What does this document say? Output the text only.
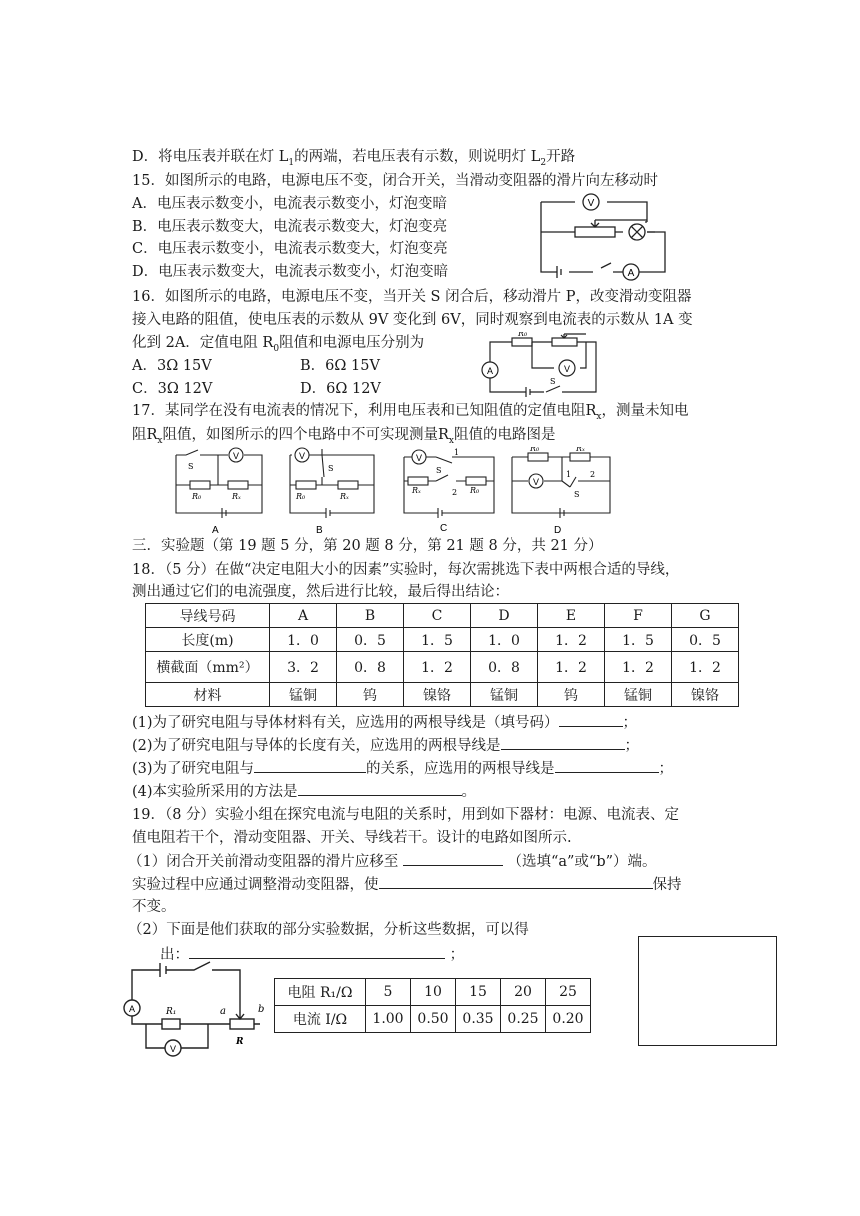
D．将电压表并联在灯 $L_1$的两端，若电压表有示数，则说明灯 $L_2$开路
15．如图所示的电路，电源电压不变，闭合开关，当滑动变阻器的滑片向左移动时
A．电压表示数变小，电流表示数变小，灯泡变暗
B．电压表示数变大，电流表示数变大，灯泡变亮
C．电压表示数变小，电流表示数变大，灯泡变亮
D．电压表示数变大，电流表示数变小，灯泡变暗
V
A
16．如图所示的电路，电源电压不变，当开关 S 闭合后，移动滑片 P，改变滑动变阻器
接入电路的阻值，使电压表的示数从 9V 变化到 6V，同时观察到电流表的示数从 1A 变
化到 2A．定值电阻 $R_0$阻值和电源电压分别为
A．3Ω 15V	B．6Ω 15V
C．3Ω 12V	D．6Ω 12V
A	V
R₀
S
17．某同学在没有电流表的情况下，利用电压表和已知阻值的定值电阻$R_x$，测量未知电
阻$R_x$阻值，如图所示的四个电路中不可实现测量$R_x$阻值的电路图是
V
S
R₀	Rₓ
A
V
S
R₀	Rₓ
B
V
S
1
2
Rₓ	R₀
C
V
R₀	Rₓ
1 2
S
D
三．实验题（第 19 题 5 分，第 20 题 8 分，第 21 题 8 分，共 21 分）
18．（5 分）在做“决定电阻大小的因素”实验时，每次需挑选下表中两根合适的导线，
测出通过它们的电流强度，然后进行比较，最后得出结论：
导线号码	A	B	C	D	E	F	G
长度(m)	1．0	0．5	1．5	1．0	1．2	1．5	0．5
横截面（mm²）	3．2	0．8	1．2	0．8	1．2	1．2	1．2
材料	锰铜	钨	镍铬	锰铜	钨	锰铜	镍铬
(1)为了研究电阻与导体材料有关，应选用的两根导线是（填号码）	；
(2)为了研究电阻与导体的长度有关，应选用的两根导线是	；
(3)为了研究电阻与	的关系，应选用的两根导线是	；
(4)本实验所采用的方法是	。
19．（8 分）实验小组在探究电流与电阻的关系时，用到如下器材：电源、电流表、定
值电阻若干个，滑动变阻器、开关、导线若干。设计的电路如图所示.
（1）闭合开关前滑动变阻器的滑片应移至	（选填“a”或“b”）端。
实验过程中应通过调整滑动变阻器，使	保持
不变。
（2）下面是他们获取的部分实验数据，分析这些数据，可以得
出：	；
A
V
R₁	a	b
R
电阻 R₁/Ω	5	10	15	20	25
电流 I/Ω	1.00	0.50	0.35	0.25	0.20
